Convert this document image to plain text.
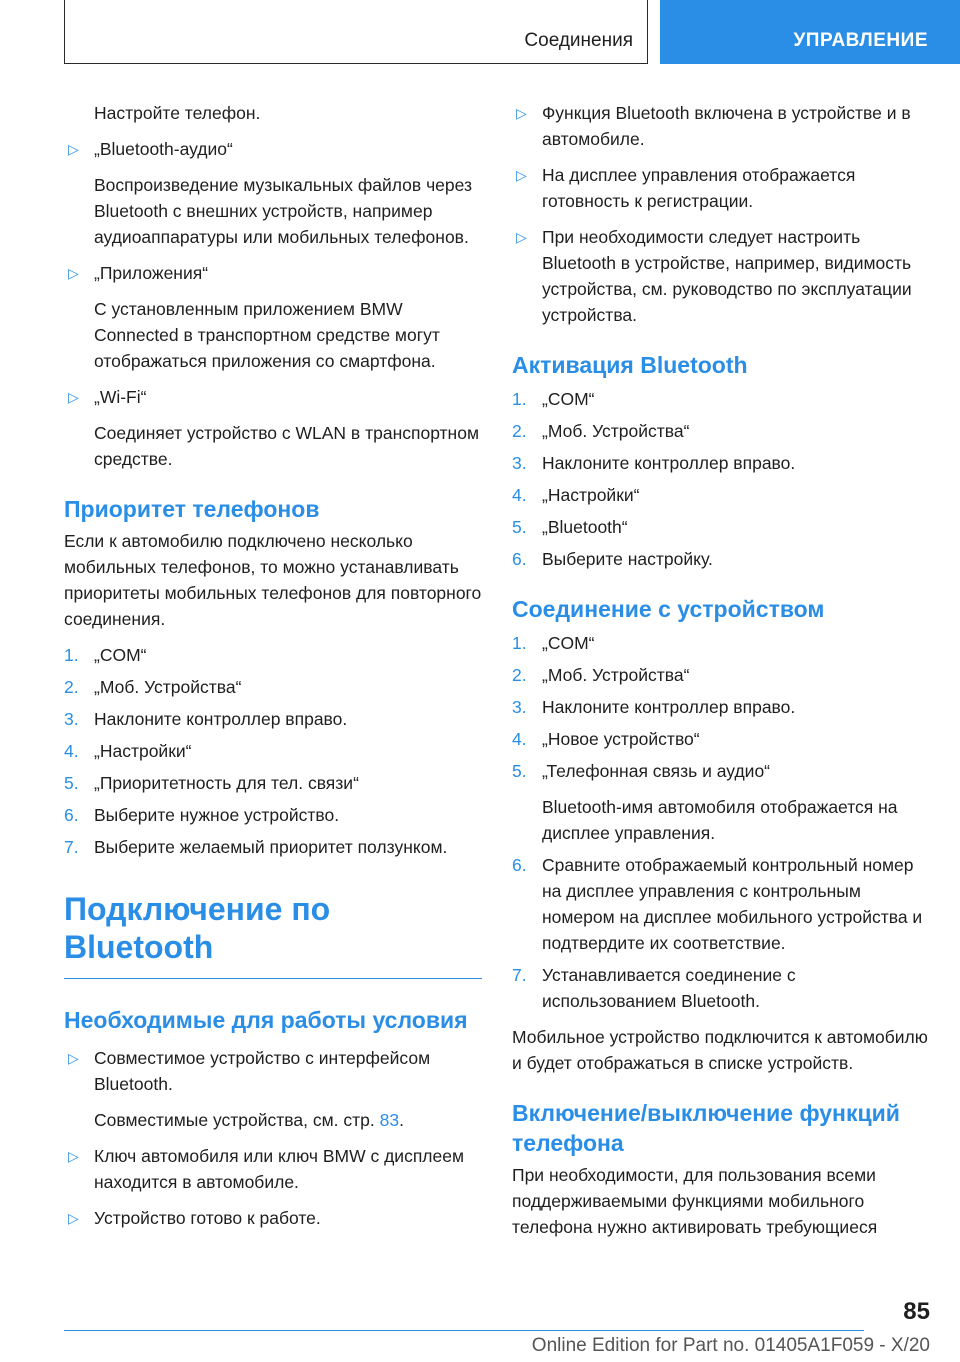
Соединения	УПРАВЛЕНИЕ

Настройте телефон.

▷ „Bluetooth-аудио“

Воспроизведение музыкальных файлов через Bluetooth с внешних устройств, например аудиоаппаратуры или мобильных телефонов.

▷ „Приложения“

С установленным приложением BMW Connected в транспортном средстве могут отображаться приложения со смартфона.

▷ „Wi-Fi“

Соединяет устройство с WLAN в транспортном средстве.

Приоритет телефонов

Если к автомобилю подключено несколько мобильных телефонов, то можно устанавливать приоритеты мобильных телефонов для повторного соединения.

1. „COM“
2. „Моб. Устройства“
3. Наклоните контроллер вправо.
4. „Настройки“
5. „Приоритетность для тел. связи“
6. Выберите нужное устройство.
7. Выберите желаемый приоритет ползунком.
Подключение по
Bluetooth
Необходимые для работы условия
▷ Совместимое устройство с интерфейсом Bluetooth.

Совместимые устройства, см. стр. 83.

▷ Ключ автомобиля или ключ BMW с дисплеем находится в автомобиле.

▷ Устройство готово к работе.

▷ Функция Bluetooth включена в устройстве и в автомобиле.

▷ На дисплее управления отображается готовность к регистрации.

▷ При необходимости следует настроить Bluetooth в устройстве, например, видимость устройства, см. руководство по эксплуатации устройства.

Активация Bluetooth
1. „COM“
2. „Моб. Устройства“
3. Наклоните контроллер вправо.
4. „Настройки“
5. „Bluetooth“
6. Выберите настройку.
Соединение с устройством
1. „COM“
2. „Моб. Устройства“
3. Наклоните контроллер вправо.
4. „Новое устройство“
5. „Телефонная связь и аудио“

Bluetooth-имя автомобиля отображается на дисплее управления.

6. Сравните отображаемый контрольный номер на дисплее управления с контрольным номером на дисплее мобильного устройства и подтвердите их соответствие.
7. Устанавливается соединение с использованием Bluetooth.

Мобильное устройство подключится к автомобилю и будет отображаться в списке устройств.

Включение/выключение функций телефона

При необходимости, для пользования всеми поддерживаемыми функциями мобильного телефона нужно активировать требующиеся

85
Online Edition for Part no. 01405A1F059 - X/20
